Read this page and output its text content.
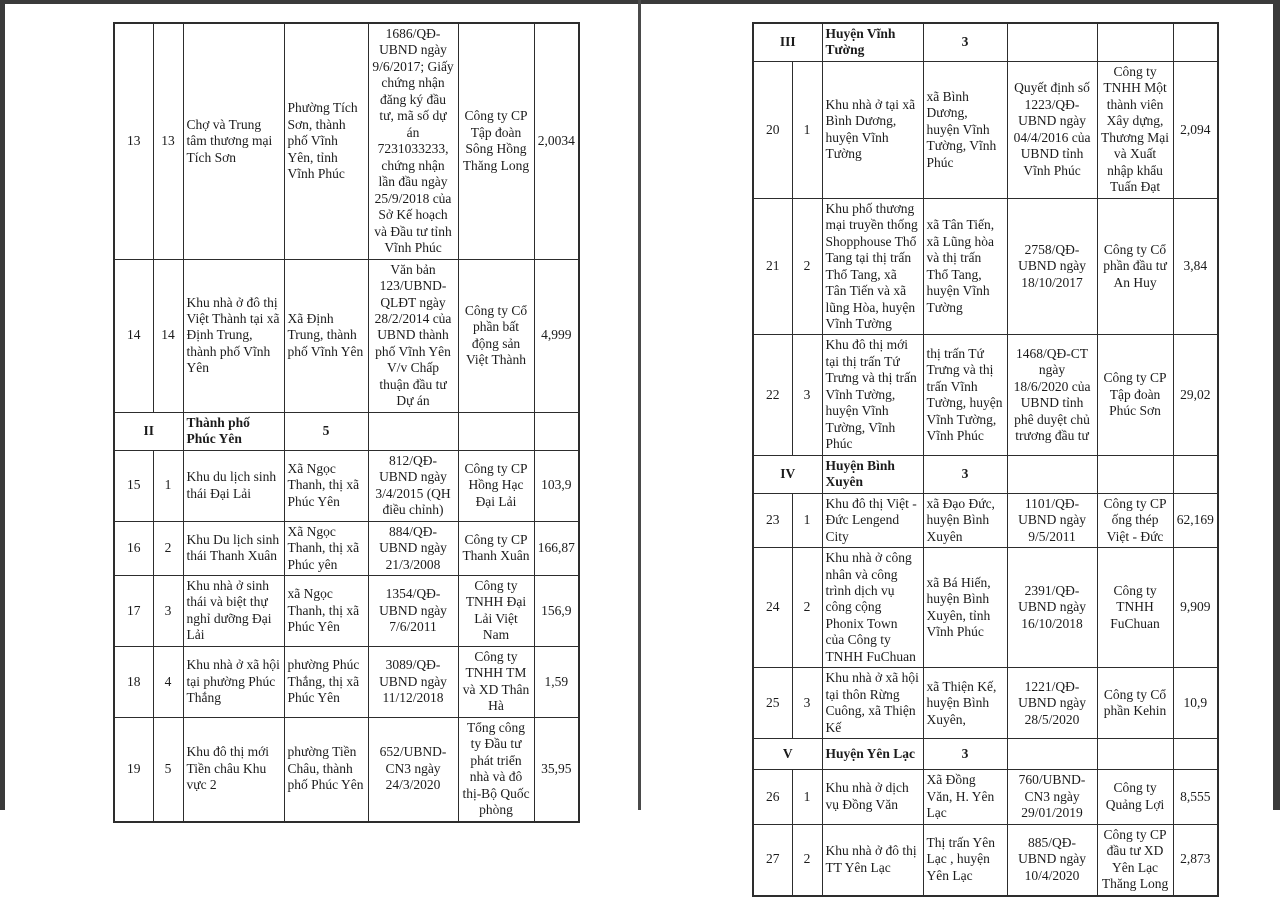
13	13	Chợ và Trung tâm thương mại Tích Sơn	Phường Tích Sơn, thành phố Vĩnh Yên, tỉnh Vĩnh Phúc	1686/QĐ-UBND ngày 9/6/2017; Giấy chứng nhận đăng ký đầu tư, mã số dự án 7231033233, chứng nhận lần đầu ngày 25/9/2018 của Sở Kế hoạch và Đầu tư tỉnh Vĩnh Phúc	Công ty CP Tập đoàn Sông Hồng Thăng Long	2,0034
14	14	Khu nhà ở đô thị Việt Thành tại xã Định Trung, thành phố Vĩnh Yên	Xã Định Trung, thành phố Vĩnh Yên	Văn bản 123/UBND-QLĐT ngày 28/2/2014 của UBND thành phố Vĩnh Yên V/v Chấp thuận đầu tư Dự án	Công ty Cổ phần bất động sản Việt Thành	4,999
II		Thành phố Phúc Yên	5			
15	1	Khu du lịch sinh thái Đại Lải	Xã Ngọc Thanh, thị xã Phúc Yên	812/QĐ-UBND ngày 3/4/2015 (QH điều chỉnh)	Công ty CP Hồng Hạc Đại Lải	103,9
16	2	Khu Du lịch sinh thái Thanh Xuân	Xã Ngọc Thanh, thị xã Phúc yên	884/QĐ-UBND ngày 21/3/2008	Công ty CP Thanh Xuân	166,87
17	3	Khu nhà ở sinh thái và biệt thự nghỉ dưỡng Đại Lải	xã Ngọc Thanh, thị xã Phúc Yên	1354/QĐ-UBND ngày 7/6/2011	Công ty TNHH Đại Lải Việt Nam	156,9
18	4	Khu nhà ở xã hội tại phường Phúc Thắng	phường Phúc Thắng, thị xã Phúc Yên	3089/QĐ-UBND ngày 11/12/2018	Công ty TNHH TM và XD Thân Hà	1,59
19	5	Khu đô thị mới Tiền châu Khu vực 2	phường Tiền Châu, thành phố Phúc Yên	652/UBND-CN3 ngày 24/3/2020	Tổng công ty Đầu tư phát triển nhà và đô thị-Bộ Quốc phòng	35,95
III		Huyện Vĩnh Tường	3			
20	1	Khu nhà ở tại xã Bình Dương, huyện Vĩnh Tường	xã Bình Dương, huyện Vĩnh Tường, Vĩnh Phúc	Quyết định số 1223/QĐ-UBND ngày 04/4/2016 của UBND tỉnh Vĩnh Phúc	Công ty TNHH Một thành viên Xây dựng, Thương Mại và Xuất nhập khẩu Tuấn Đạt	2,094
21	2	Khu phố thương mại truyền thống Shopphouse Thổ Tang tại thị trấn Thổ Tang, xã Tân Tiến và xã lũng Hòa, huyện Vĩnh Tường	xã Tân Tiến, xã Lũng hòa và thị trấn Thổ Tang, huyện Vĩnh Tường	2758/QĐ-UBND ngày 18/10/2017	Công ty Cổ phần đầu tư An Huy	3,84
22	3	Khu đô thị mới tại thị trấn Tứ Trưng và thị trấn Vĩnh Tường, huyện Vĩnh Tường, Vĩnh Phúc	thị trấn Tứ Trưng và thị trấn Vĩnh Tường, huyện Vĩnh Tường, Vĩnh Phúc	1468/QĐ-CT ngày 18/6/2020 của UBND tỉnh phê duyệt chủ trương đầu tư	Công ty CP Tập đoàn Phúc Sơn	29,02
IV		Huyện Bình Xuyên	3			
23	1	Khu đô thị Việt - Đức Lengend City	xã Đạo Đức, huyện Bình Xuyên	1101/QĐ-UBND ngày 9/5/2011	Công ty CP ống thép Việt - Đức	62,169
24	2	Khu nhà ở công nhân và công trình dịch vụ công cộng Phonix Town của Công ty TNHH FuChuan	xã Bá Hiến, huyện Bình Xuyên, tỉnh Vĩnh Phúc	2391/QĐ-UBND ngày 16/10/2018	Công ty TNHH FuChuan	9,909
25	3	Khu nhà ở xã hội tại thôn Rừng Cuông, xã Thiện Kế	xã Thiện Kế, huyện Bình Xuyên,	1221/QĐ-UBND ngày 28/5/2020	Công ty Cổ phần Kehin	10,9
V		Huyện Yên Lạc	3			
26	1	Khu nhà ở dịch vụ Đồng Văn	Xã Đồng Văn, H. Yên Lạc	760/UBND-CN3 ngày 29/01/2019	Công ty Quảng Lợi	8,555
27	2	Khu nhà ở đô thị TT Yên Lạc	Thị trấn Yên Lạc , huyện Yên Lạc	885/QĐ-UBND ngày 10/4/2020	Công ty CP đầu tư XD Yên Lạc Thăng Long	2,873
